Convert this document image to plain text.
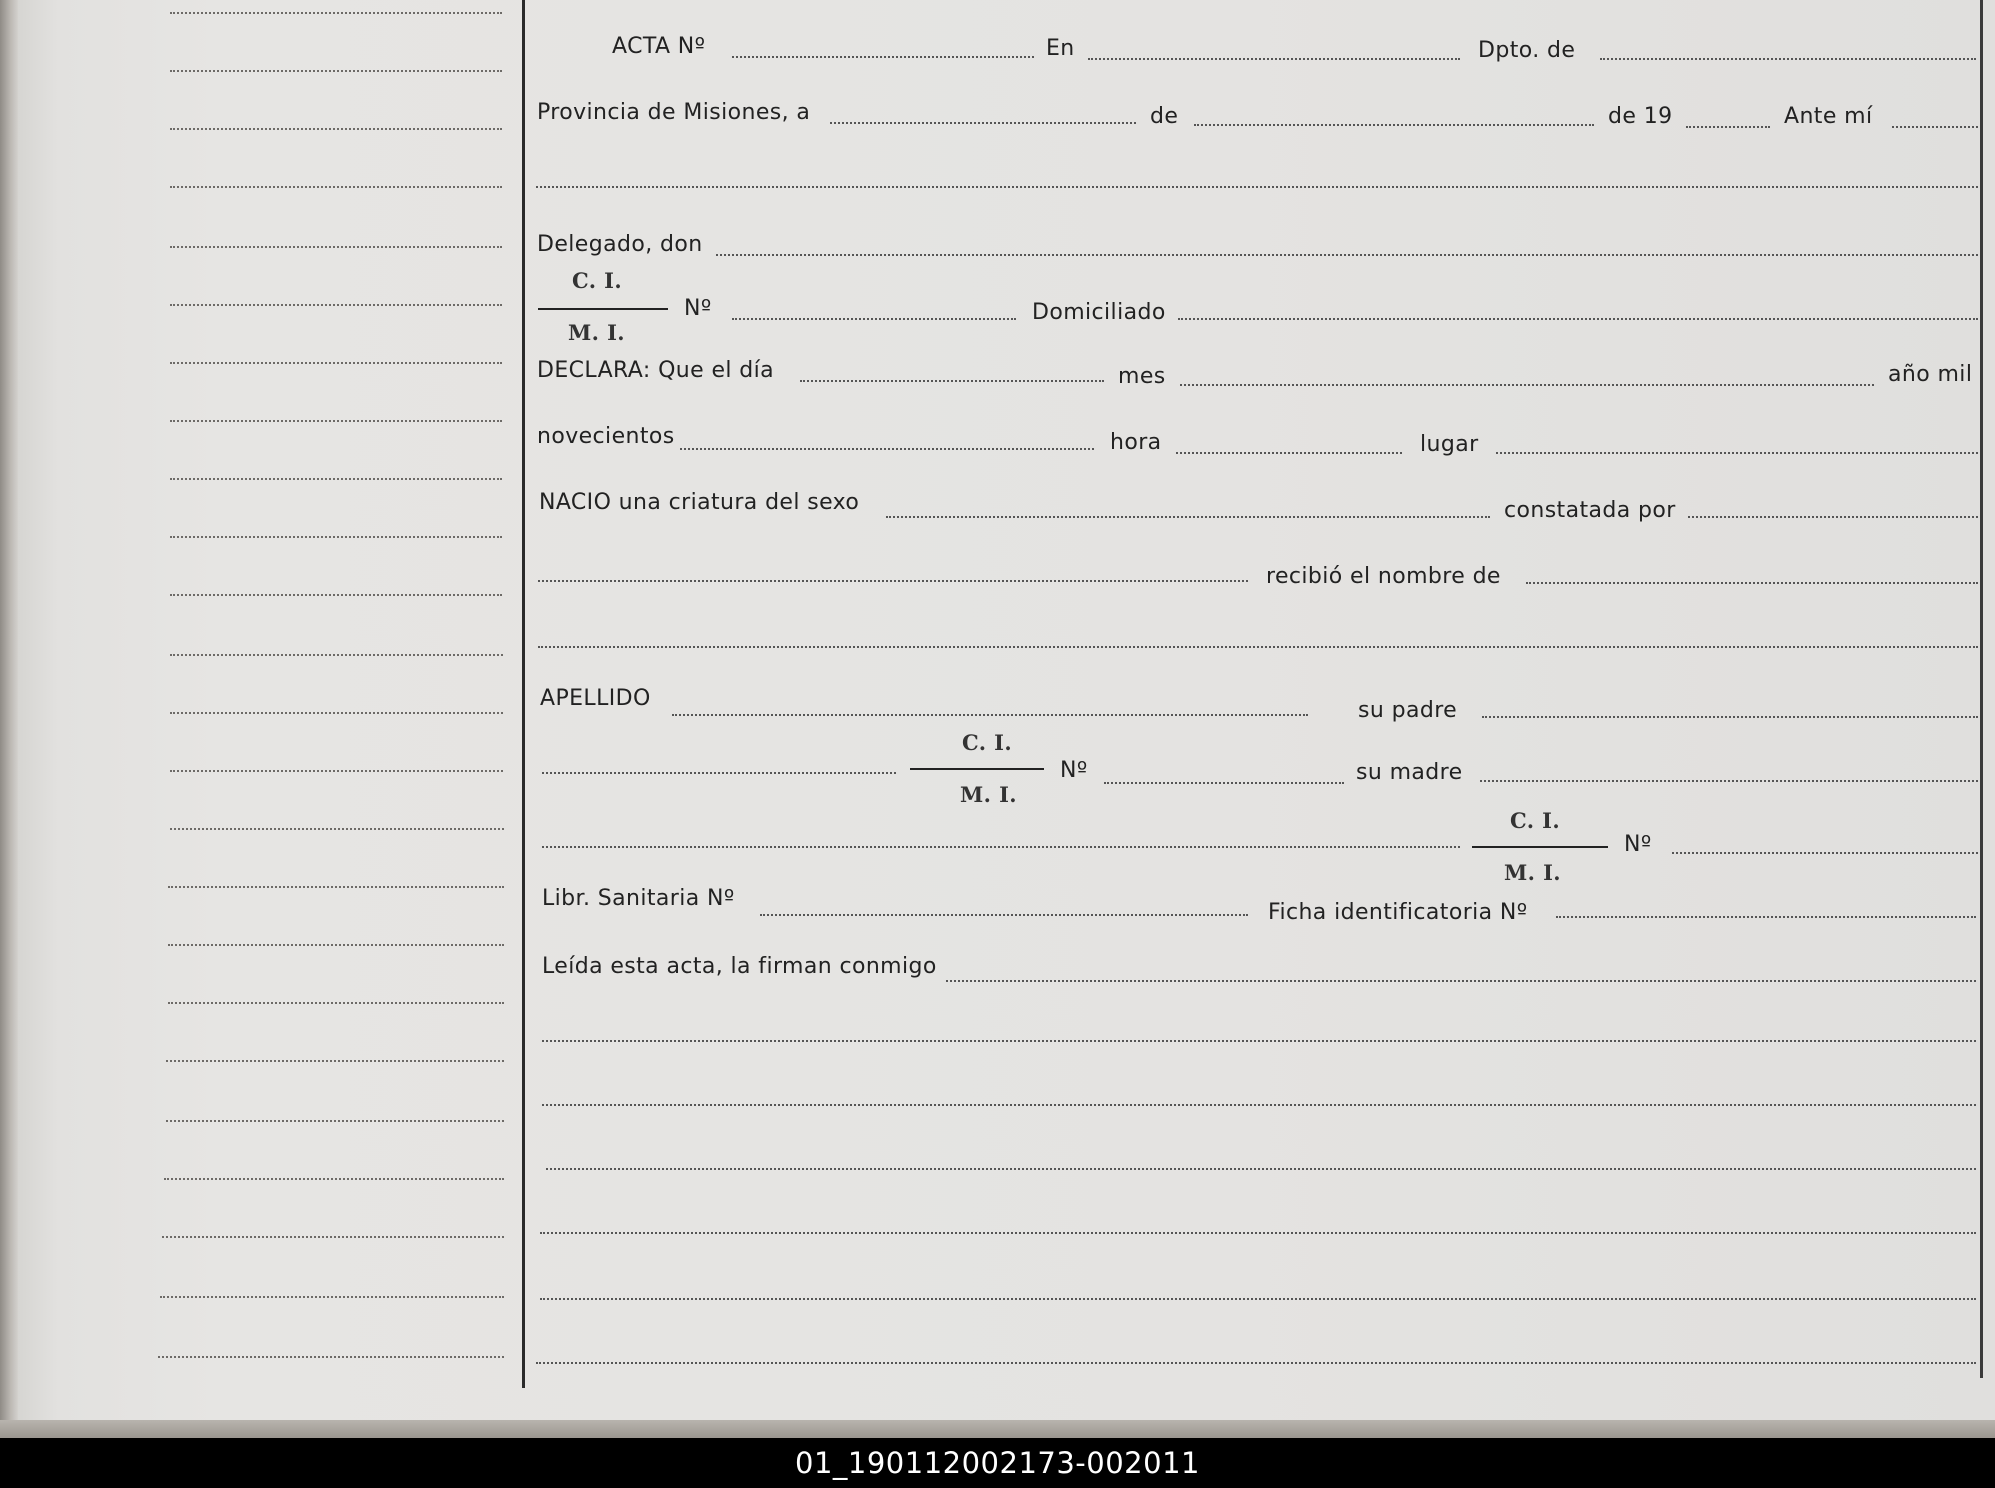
ACTA Nº	En	Dpto. de
Provincia de Misiones, a	de	de 19	Ante mí
Delegado, don
C. I.
M. I.
Nº	Domiciliado
DECLARA: Que el día	mes	año mil
novecientos	hora	lugar
NACIO una criatura del sexo	constatada por
recibió el nombre de
APELLIDO	su padre
C. I.
M. I.
Nº	su madre
C. I.
M. I.
Nº
Libr. Sanitaria Nº
Ficha identificatoria Nº
Leída esta acta, la firman conmigo
01_190112002173-002011
